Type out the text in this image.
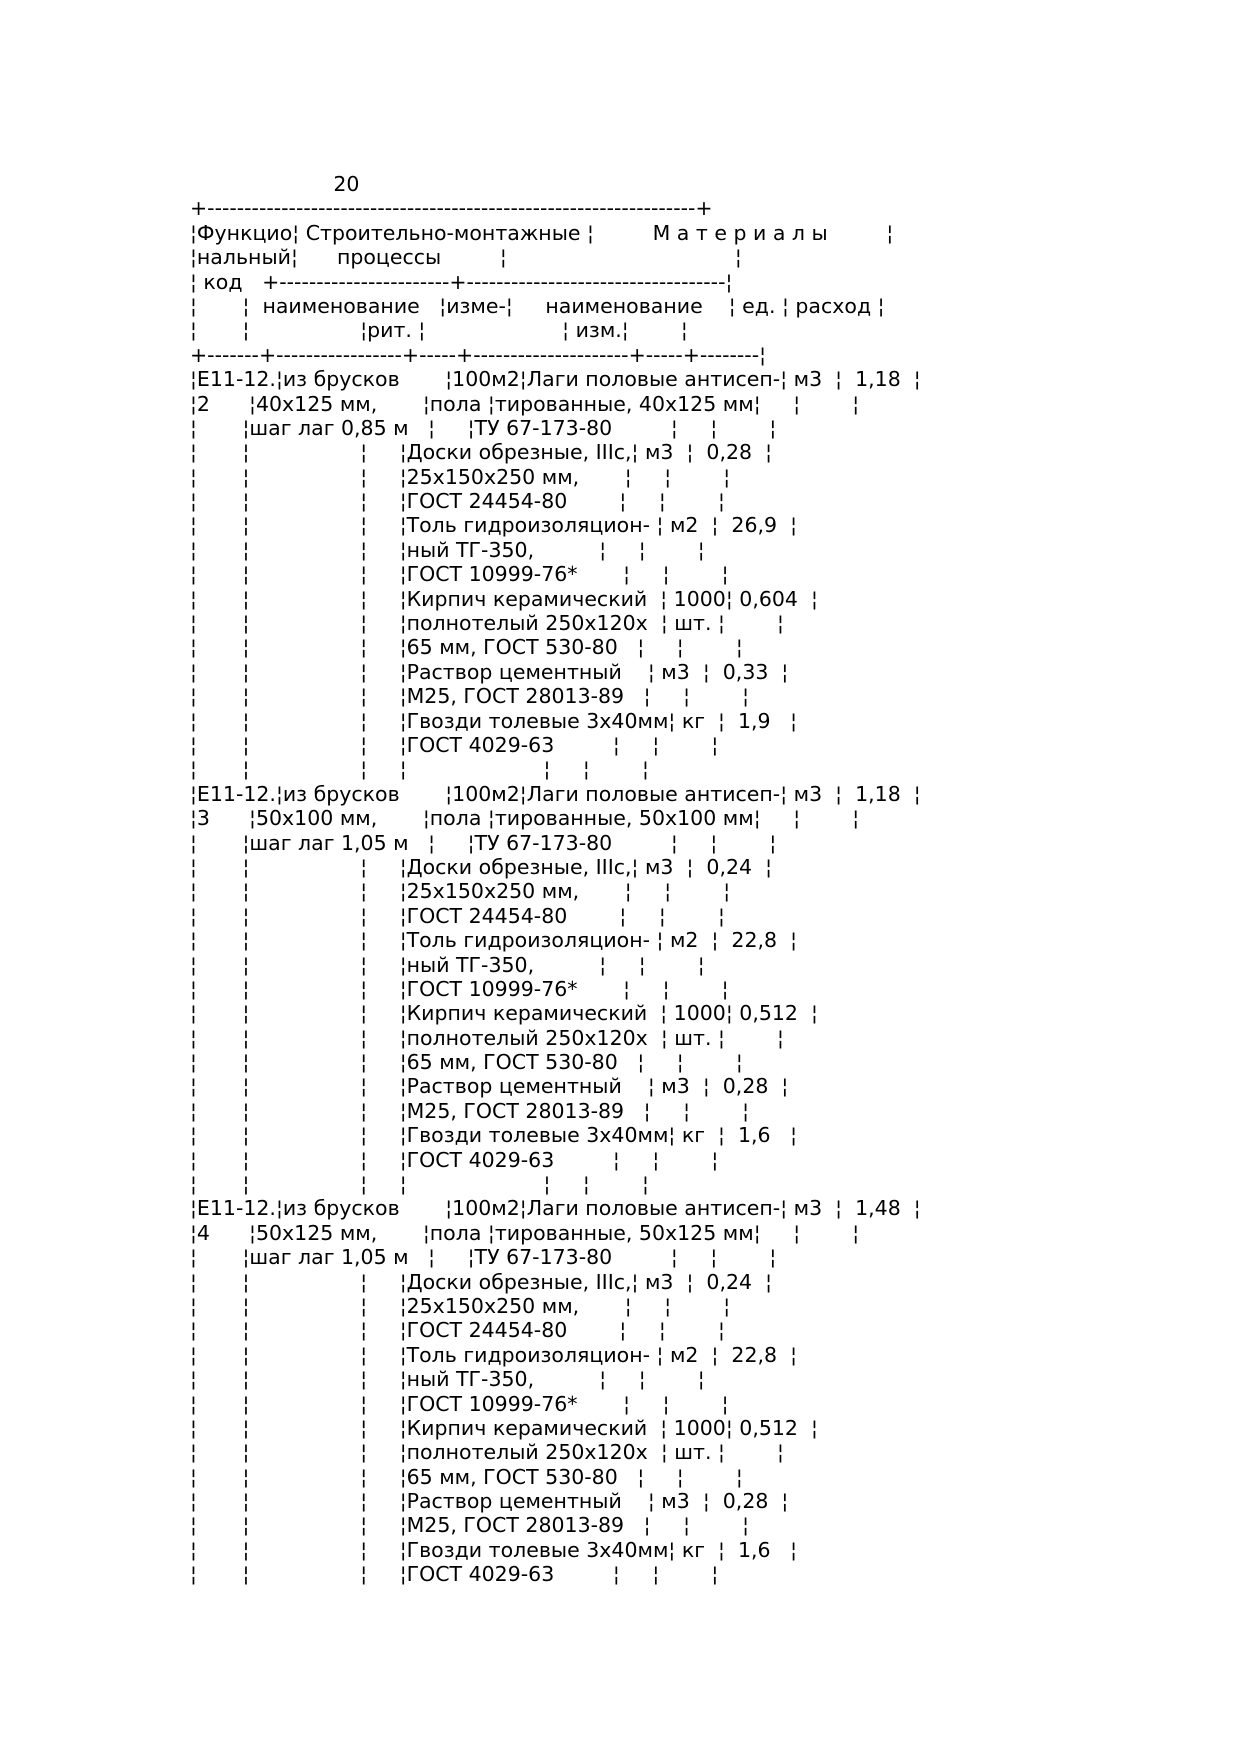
20
+------------------------------------------------------------------+
¦Функцио¦ Строительно-монтажные ¦         М а т е р и а л ы         ¦
¦нальный¦      процессы         ¦                                   ¦
¦ код   +-----------------------+-----------------------------------¦
¦       ¦  наименование   ¦изме-¦     наименование    ¦ ед. ¦ расход ¦
¦       ¦                 ¦рит. ¦                     ¦ изм.¦        ¦
+-------+-----------------+-----+---------------------+-----+--------¦
¦Е11-12.¦из брусков       ¦100м2¦Лаги половые антисеп-¦ м3  ¦  1,18  ¦
¦2      ¦40х125 мм,       ¦пола ¦тированные, 40х125 мм¦     ¦        ¦
¦       ¦шаг лаг 0,85 м   ¦     ¦ТУ 67-173-80         ¦     ¦        ¦
¦       ¦                 ¦     ¦Доски обрезные, IIIс,¦ м3  ¦  0,28  ¦
¦       ¦                 ¦     ¦25х150х250 мм,       ¦     ¦        ¦
¦       ¦                 ¦     ¦ГОСТ 24454-80        ¦     ¦        ¦
¦       ¦                 ¦     ¦Толь гидроизоляцион- ¦ м2  ¦  26,9  ¦
¦       ¦                 ¦     ¦ный ТГ-350,          ¦     ¦        ¦
¦       ¦                 ¦     ¦ГОСТ 10999-76*       ¦     ¦        ¦
¦       ¦                 ¦     ¦Кирпич керамический  ¦ 1000¦ 0,604  ¦
¦       ¦                 ¦     ¦полнотелый 250х120х  ¦ шт. ¦        ¦
¦       ¦                 ¦     ¦65 мм, ГОСТ 530-80   ¦     ¦        ¦
¦       ¦                 ¦     ¦Раствор цементный    ¦ м3  ¦  0,33  ¦
¦       ¦                 ¦     ¦М25, ГОСТ 28013-89   ¦     ¦        ¦
¦       ¦                 ¦     ¦Гвозди толевые 3х40мм¦ кг  ¦  1,9   ¦
¦       ¦                 ¦     ¦ГОСТ 4029-63         ¦     ¦        ¦
¦       ¦                 ¦     ¦                     ¦     ¦        ¦
¦Е11-12.¦из брусков       ¦100м2¦Лаги половые антисеп-¦ м3  ¦  1,18  ¦
¦3      ¦50х100 мм,       ¦пола ¦тированные, 50х100 мм¦     ¦        ¦
¦       ¦шаг лаг 1,05 м   ¦     ¦ТУ 67-173-80         ¦     ¦        ¦
¦       ¦                 ¦     ¦Доски обрезные, IIIс,¦ м3  ¦  0,24  ¦
¦       ¦                 ¦     ¦25х150х250 мм,       ¦     ¦        ¦
¦       ¦                 ¦     ¦ГОСТ 24454-80        ¦     ¦        ¦
¦       ¦                 ¦     ¦Толь гидроизоляцион- ¦ м2  ¦  22,8  ¦
¦       ¦                 ¦     ¦ный ТГ-350,          ¦     ¦        ¦
¦       ¦                 ¦     ¦ГОСТ 10999-76*       ¦     ¦        ¦
¦       ¦                 ¦     ¦Кирпич керамический  ¦ 1000¦ 0,512  ¦
¦       ¦                 ¦     ¦полнотелый 250х120х  ¦ шт. ¦        ¦
¦       ¦                 ¦     ¦65 мм, ГОСТ 530-80   ¦     ¦        ¦
¦       ¦                 ¦     ¦Раствор цементный    ¦ м3  ¦  0,28  ¦
¦       ¦                 ¦     ¦М25, ГОСТ 28013-89   ¦     ¦        ¦
¦       ¦                 ¦     ¦Гвозди толевые 3х40мм¦ кг  ¦  1,6   ¦
¦       ¦                 ¦     ¦ГОСТ 4029-63         ¦     ¦        ¦
¦       ¦                 ¦     ¦                     ¦     ¦        ¦
¦Е11-12.¦из брусков       ¦100м2¦Лаги половые антисеп-¦ м3  ¦  1,48  ¦
¦4      ¦50х125 мм,       ¦пола ¦тированные, 50х125 мм¦     ¦        ¦
¦       ¦шаг лаг 1,05 м   ¦     ¦ТУ 67-173-80         ¦     ¦        ¦
¦       ¦                 ¦     ¦Доски обрезные, IIIс,¦ м3  ¦  0,24  ¦
¦       ¦                 ¦     ¦25х150х250 мм,       ¦     ¦        ¦
¦       ¦                 ¦     ¦ГОСТ 24454-80        ¦     ¦        ¦
¦       ¦                 ¦     ¦Толь гидроизоляцион- ¦ м2  ¦  22,8  ¦
¦       ¦                 ¦     ¦ный ТГ-350,          ¦     ¦        ¦
¦       ¦                 ¦     ¦ГОСТ 10999-76*       ¦     ¦        ¦
¦       ¦                 ¦     ¦Кирпич керамический  ¦ 1000¦ 0,512  ¦
¦       ¦                 ¦     ¦полнотелый 250х120х  ¦ шт. ¦        ¦
¦       ¦                 ¦     ¦65 мм, ГОСТ 530-80   ¦     ¦        ¦
¦       ¦                 ¦     ¦Раствор цементный    ¦ м3  ¦  0,28  ¦
¦       ¦                 ¦     ¦М25, ГОСТ 28013-89   ¦     ¦        ¦
¦       ¦                 ¦     ¦Гвозди толевые 3х40мм¦ кг  ¦  1,6   ¦
¦       ¦                 ¦     ¦ГОСТ 4029-63         ¦     ¦        ¦
